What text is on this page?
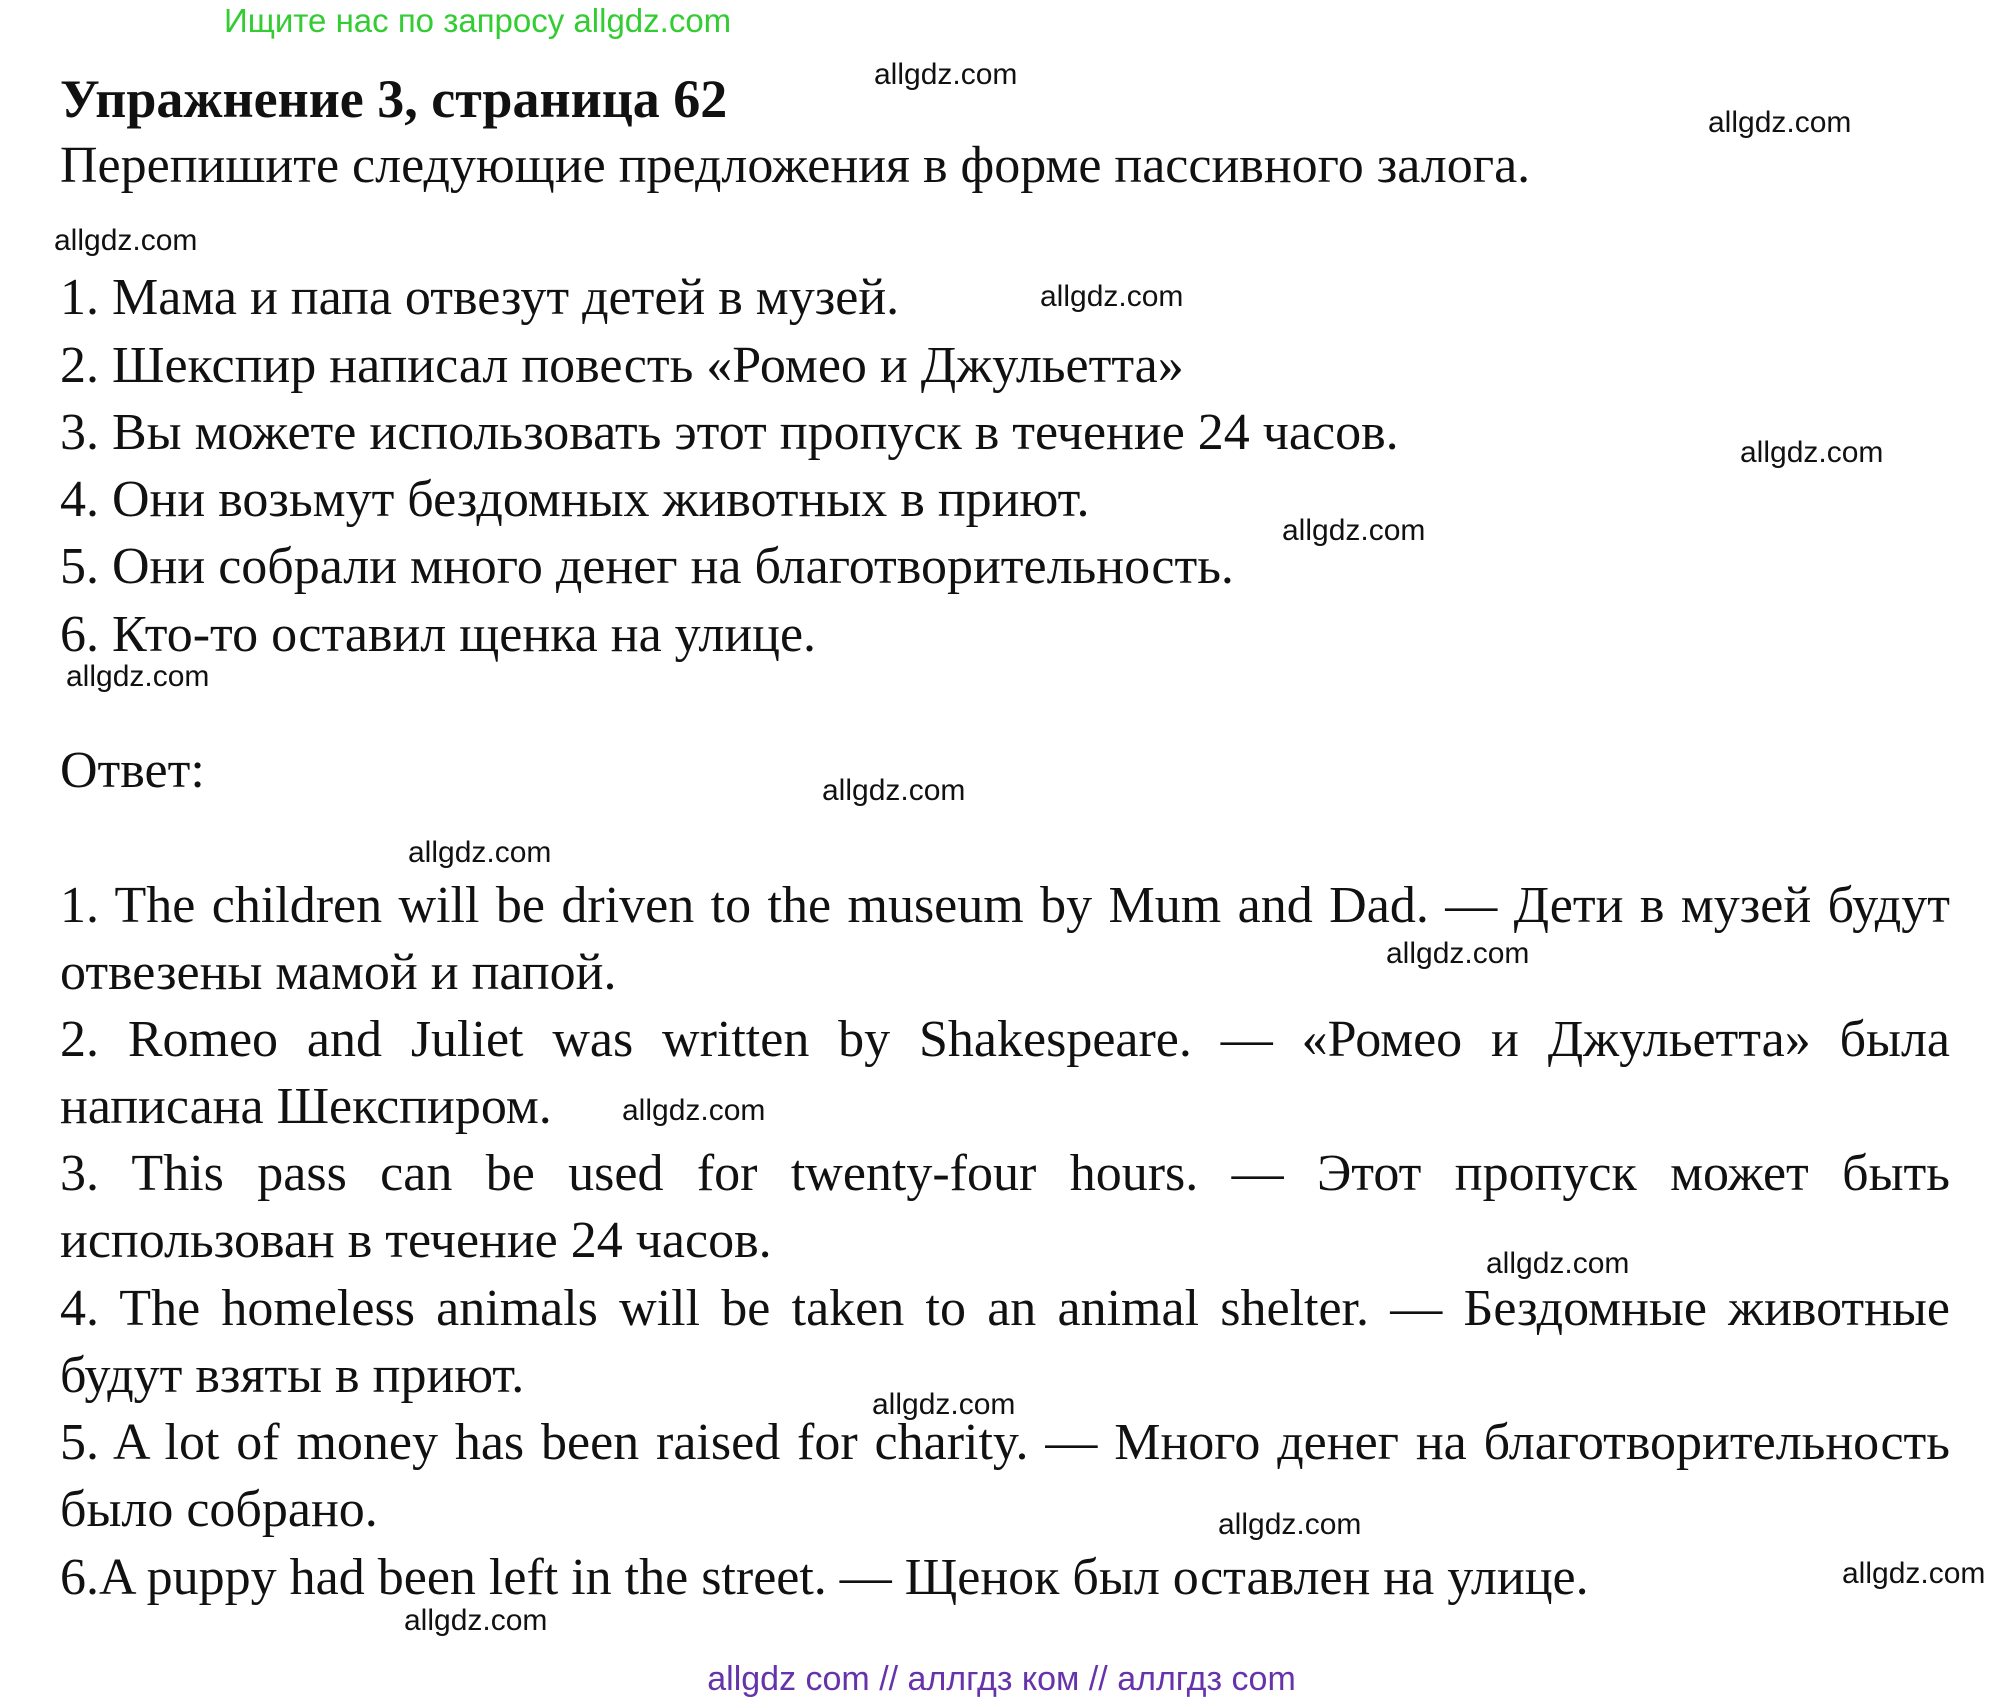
Ищите нас по запросу allgdz.com
Упражнение 3, страница 62
Перепишите следующие предложения в форме пассивного залога.
1. Мама и папа отвезут детей в музей.
2. Шекспир написал повесть «Ромео и Джульетта»
3. Вы можете использовать этот пропуск в течение 24 часов.
4. Они возьмут бездомных животных в приют.
5. Они собрали много денег на благотворительность.
6. Кто-то оставил щенка на улице.
Ответ:
1. The children will be driven to the museum by Mum and Dad. — Дети в музей будут отвезены мамой и папой.
2. Romeo and Juliet was written by Shakespeare. — «Ромео и Джульетта» была написана Шекспиром.
3. This pass can be used for twenty-four hours. — Этот пропуск может быть использован в течение 24 часов.
4. The homeless animals will be taken to an animal shelter. — Бездомные животные будут взяты в приют.
5. A lot of money has been raised for charity. — Много денег на благотворительность было собрано.
6.A puppy had been left in the street. — Щенок был оставлен на улице.
allgdz.com
allgdz.com
allgdz.com
allgdz.com
allgdz.com
allgdz.com
allgdz.com
allgdz.com
allgdz.com
allgdz.com
allgdz.com
allgdz.com
allgdz.com
allgdz.com
allgdz.com
allgdz.com
allgdz com // аллгдз ком // аллгдз com
